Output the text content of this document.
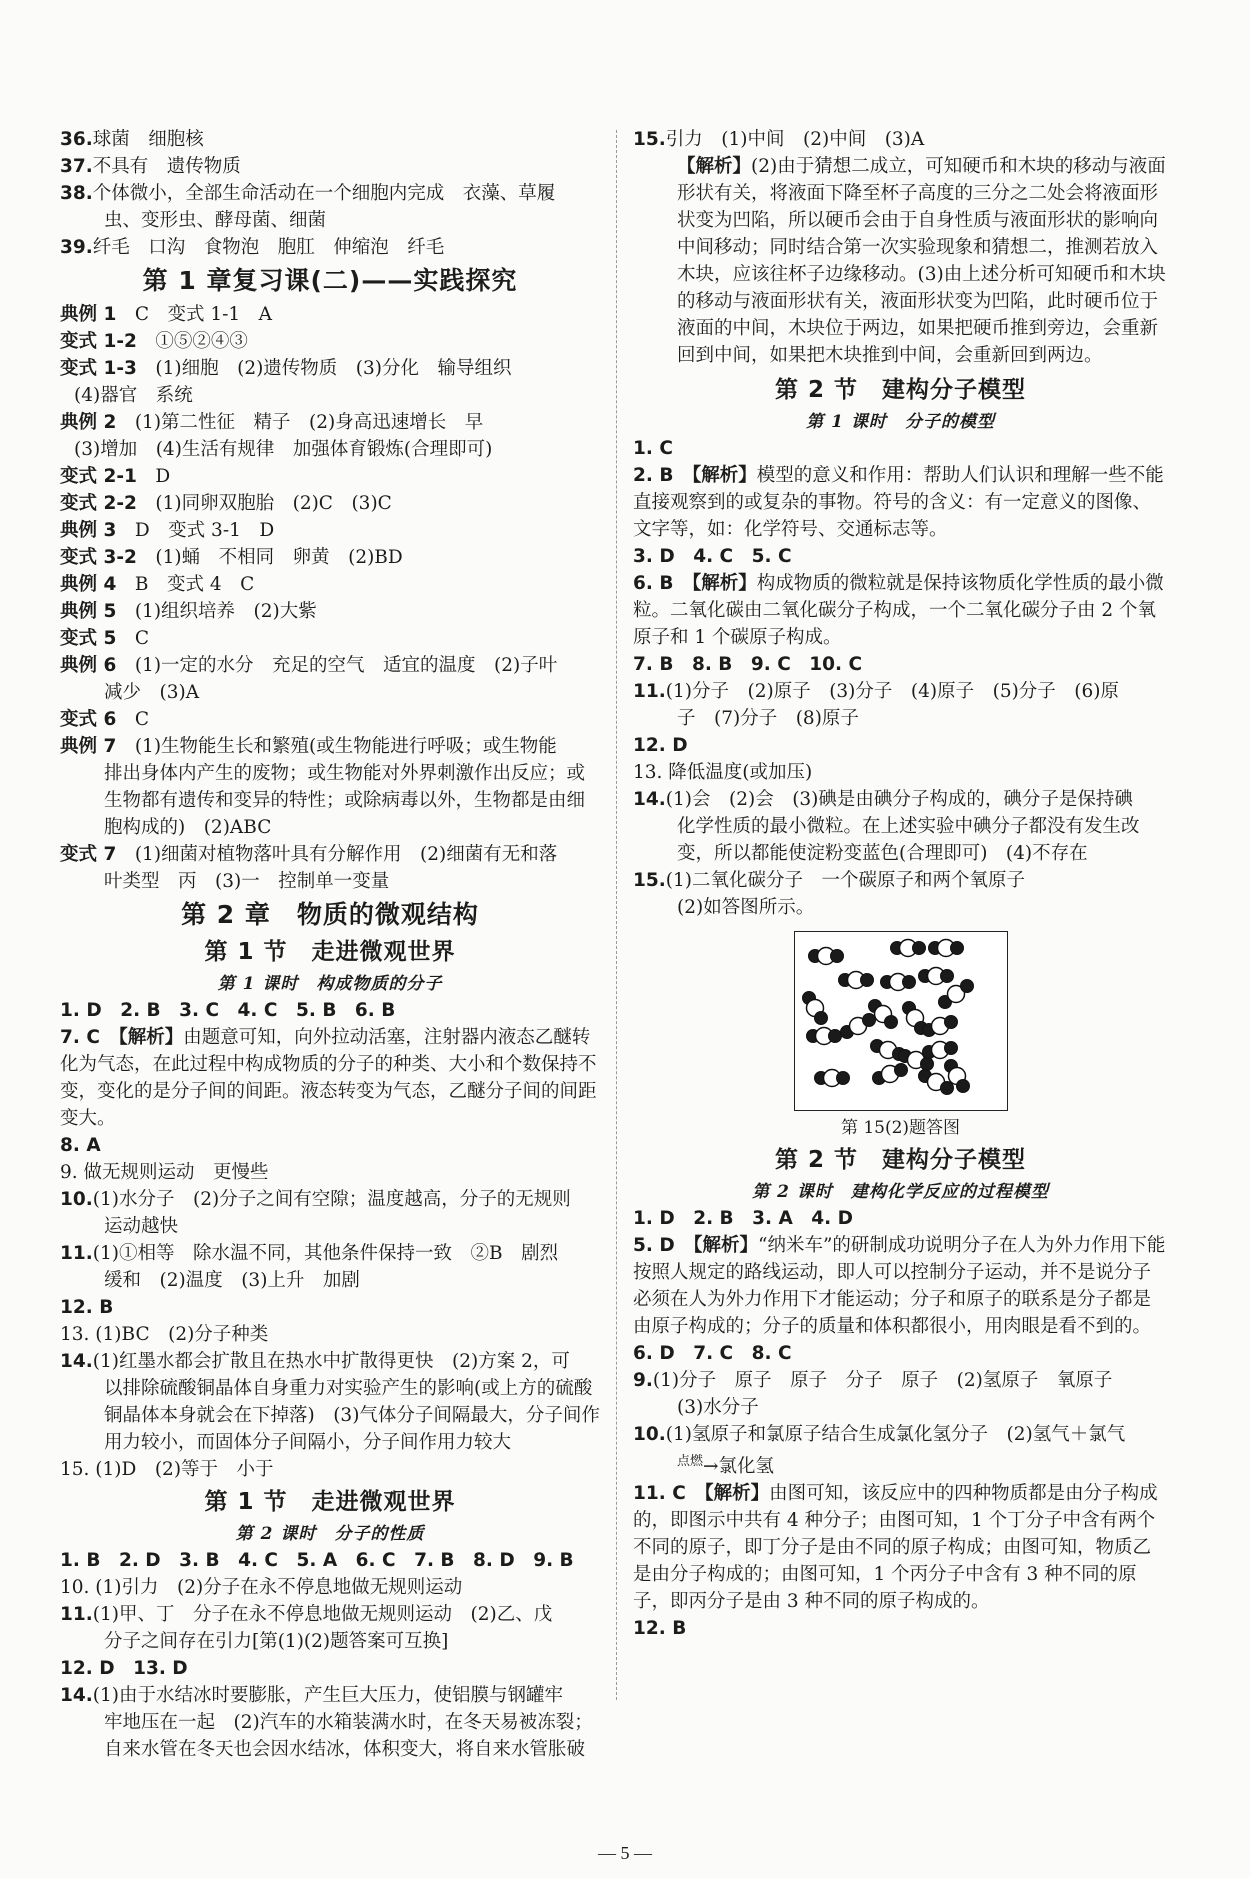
36.球菌　细胞核
37.不具有　遗传物质
38.个体微小，全部生命活动在一个细胞内完成　衣藻、草履
虫、变形虫、酵母菌、细菌
39.纤毛　口沟　食物泡　胞肛　伸缩泡　纤毛
第 1 章复习课(二)——实践探究
典例 1　 C　变式 1-1　A
变式 1-2　 ①⑤②④③
变式 1-3　 (1)细胞　(2)遗传物质　(3)分化　输导组织
(4)器官　系统
典例 2　 (1)第二性征　精子　(2)身高迅速增长　早
(3)增加　(4)生活有规律　加强体育锻炼(合理即可)
变式 2-1　 D
变式 2-2　 (1)同卵双胞胎　(2)C　(3)C
典例 3　 D　变式 3-1　D
变式 3-2　 (1)蛹　不相同　卵黄　(2)BD
典例 4　 B　变式 4　C
典例 5　 (1)组织培养　(2)大紫
变式 5　 C
典例 6　 (1)一定的水分　充足的空气　适宜的温度　(2)子叶
减少　(3)A
变式 6　 C
典例 7　 (1)生物能生长和繁殖(或生物能进行呼吸；或生物能
排出身体内产生的废物；或生物能对外界刺激作出反应；或生物都有遗传和变异的特性；或除病毒以外，生物都是由细胞构成的)　(2)ABC
变式 7　 (1)细菌对植物落叶具有分解作用　(2)细菌有无和落
叶类型　丙　(3)一　控制单一变量
第 2 章　物质的微观结构
第 1 节　走进微观世界
第 1 课时　构成物质的分子
1. D　2. B　3. C　4. C　5. B　6. B
7. C　 【解析】由题意可知，向外拉动活塞，注射器内液态乙醚转化为气态，在此过程中构成物质的分子的种类、大小和个数保持不变，变化的是分子间的间距。液态转变为气态，乙醚分子间的间距变大。
8. A
9. 做无规则运动　更慢些
10.(1)水分子　(2)分子之间有空隙；温度越高，分子的无规则
运动越快
11.(1)①相等　除水温不同，其他条件保持一致　②B　剧烈
缓和　(2)温度　(3)上升　加剧
12. B
13. (1)BC　(2)分子种类
14.(1)红墨水都会扩散且在热水中扩散得更快　(2)方案 2，可
以排除硫酸铜晶体自身重力对实验产生的影响(或上方的硫酸铜晶体本身就会在下掉落)　(3)气体分子间隔最大，分子间作用力较小，而固体分子间隔小，分子间作用力较大
15. (1)D　(2)等于　小于
第 1 节　走进微观世界
第 2 课时　分子的性质
1. B　2. D　3. B　4. C　5. A　6. C　7. B　8. D　9. B
10. (1)引力　(2)分子在永不停息地做无规则运动
11.(1)甲、丁　分子在永不停息地做无规则运动　(2)乙、戊
分子之间存在引力[第(1)(2)题答案可互换]
12. D　13. D
14.(1)由于水结冰时要膨胀，产生巨大压力，使铝膜与钢罐牢
牢地压在一起　(2)汽车的水箱装满水时，在冬天易被冻裂；自来水管在冬天也会因水结冰，体积变大，将自来水管胀破
15.引力　(1)中间　(2)中间　(3)A
【解析】(2)由于猜想二成立，可知硬币和木块的移动与液面形状有关，将液面下降至杯子高度的三分之二处会将液面形状变为凹陷，所以硬币会由于自身性质与液面形状的影响向中间移动；同时结合第一次实验现象和猜想二，推测若放入木块，应该往杯子边缘移动。(3)由上述分析可知硬币和木块的移动与液面形状有关，液面形状变为凹陷，此时硬币位于液面的中间，木块位于两边，如果把硬币推到旁边，会重新回到中间，如果把木块推到中间，会重新回到两边。
第 2 节　建构分子模型
第 1 课时　分子的模型
1. C
2. B　 【解析】模型的意义和作用：帮助人们认识和理解一些不能直接观察到的或复杂的事物。符号的含义：有一定意义的图像、文字等，如：化学符号、交通标志等。
3. D　4. C　5. C
6. B　 【解析】构成物质的微粒就是保持该物质化学性质的最小微粒。二氧化碳由二氧化碳分子构成，一个二氧化碳分子由 2 个氧原子和 1 个碳原子构成。
7. B　8. B　9. C　10. C
11.(1)分子　(2)原子　(3)分子　(4)原子　(5)分子　(6)原
子　(7)分子　(8)原子
12. D
13. 降低温度(或加压)
14.(1)会　(2)会　(3)碘是由碘分子构成的，碘分子是保持碘
化学性质的最小微粒。在上述实验中碘分子都没有发生改变，所以都能使淀粉变蓝色(合理即可)　(4)不存在
15.(1)二氧化碳分子　一个碳原子和两个氧原子
(2)如答图所示。
第 15(2)题答图
第 2 节　建构分子模型
第 2 课时　建构化学反应的过程模型
1. D　2. B　3. A　4. D
5. D　 【解析】“纳米车”的研制成功说明分子在人为外力作用下能按照人规定的路线运动，即人可以控制分子运动，并不是说分子必须在人为外力作用下才能运动；分子和原子的联系是分子都是由原子构成的；分子的质量和体积都很小，用肉眼是看不到的。
6. D　7. C　8. C
9.(1)分子　原子　原子　分子　原子　(2)氢原子　氧原子
(3)水分子
10.(1)氢原子和氯原子结合生成氯化氢分子　(2)氢气＋氯气
$^{点燃}$→氯化氢
11. C　 【解析】由图可知，该反应中的四种物质都是由分子构成的，即图示中共有 4 种分子；由图可知，1 个丁分子中含有两个不同的原子，即丁分子是由不同的原子构成；由图可知，物质乙是由分子构成的；由图可知，1 个丙分子中含有 3 种不同的原子，即丙分子是由 3 种不同的原子构成的。
12. B
— 5 —
